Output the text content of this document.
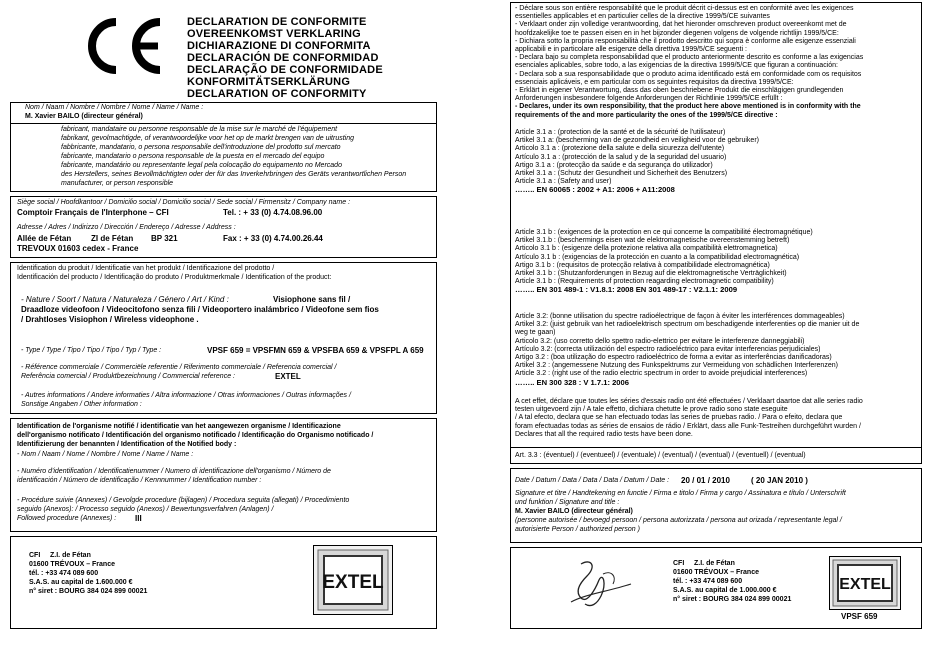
DECLARATION DE CONFORMITE
OVEREENKOMST VERKLARING
DICHIARAZIONE DI CONFORMITA
DECLARACIÓN DE CONFORMIDAD
DECLARAÇÃO DE CONFORMIDADE
KONFORMITÄTSERKLÄRUNG
DECLARATION OF CONFORMITY
Nom / Naam / Nombre / Nombre / Nome / Name / Name :
M. Xavier BAILO (directeur général)
fabricant, mandataire ou personne responsable de la mise sur le marché de l'équipement
fabrikant, gevolmachtigde, of verantwoordelijke voor het op de markt brengen van de uitrusting
fabbricante, mandatario, o persona responsabile dell'introduzione del prodotto sul mercato
fabricante, mandatario o persona responsable de la puesta en el mercado del equipo
fabricante, mandatário ou representante legal pela colocação do equipamento no Mercado
des Herstellers, seines Bevollmächtigten oder der für das Inverkehrbringen des Geräts verantwortlichen Person
manufacturer, or person responsible
Siège social / Hoofdkantoor / Domicilio social / Domicilio social / Sede social / Firmensitz / Company name :
Comptoir Français de l'Interphone – CFI	Tel. : + 33 (0) 4.74.08.96.00
Adresse / Adres / Indirizzo / Dirección / Endereço / Adresse / Address :
Allée de Fétan ZI de Fétan BP 321	Fax : + 33 (0) 4.74.00.26.44
TREVOUX 01603 cedex - France
Identification du produit / Identificatie van het produkt / Identificazione del prodotto /
Identificación del producto / Identificação do produto / Produktmerkmale / Identification of the product:
- Nature / Soort / Natura / Naturaleza / Género / Art / Kind :	Visiophone sans fil /
Draadloze videofoon / Videocitofono senza fili / Videoportero inalámbrico / Videofone sem fios
/ Drahtloses Visiophon / Wireless videophone .
- Type / Type / Tipo / Tipo / Tipo / Typ / Type :	VPSF 659 = VPSFMN 659 & VPSFBA 659 & VPSFPL A 659
- Référence commerciale / Commerciële referentie / Riferimento commerciale / Referencia comercial /
Referência comercial / Produktbezeichnung / Commercial reference :	EXTEL
- Autres informations / Andere informaties / Altra informazione / Otras informaciones / Outras informações /
Sonstige Angaben / Other information :
Identification de l'organisme notifié / identificatie van het aangewezen organisme / Identificazione
dell'organismo notificato / Identificación del organismo notificado / Identificação do Organismo notificado /
Identifizierung der benannten / Identification of the Notified body :
- Nom / Naam / Nome / Nombre / Nome / Name / Name :
- Numéro d'identification / Identificatienummer / Numero di identificazione dell'organismo / Número de
identificación / Número de identificação / Kennnummer / Identification number :
- Procédure suivie (Annexes) / Gevolgde procedure (bijlagen) / Procedura seguita (allegati) / Procedimiento
seguido (Anexos): / Processo seguido (Anexos) / Bewertungsverfahren (Anlagen) /
Followed procedure (Annexes) : III
CFI Z.I. de Fétan
01600 TRÉVOUX – France
tél. : +33 474 089 600
S.A.S. au capital de 1.600.000 €
n° siret : BOURG 384 024 899 00021	EXTEL
- Déclare sous son entière responsabilité que le produit décrit ci-dessus est en conformité avec les exigences
essentielles applicables et en particulier celles de la directive 1999/5/CE suivantes
- Verklaart onder zijn volledige verantwoording, dat het hieronder omschreven product overeenkomt met de
hoofdzakelijke toe te passen eisen en in het bijzonder diegenen volgens de volgende richtlijn 1999/5/CE:
- Dichiara sotto la propria responsabilità che il prodotto descritto qui sopra è conforme alle esigenze essenziali
applicabili e in particolare alle esigenze della direttiva 1999/5/CE seguenti :
- Declara bajo su completa responsabilidad que el producto anteriormente descrito es conforme a las exigencias
esenciales aplicables, sobre todo, a las exigencias de la directiva 1999/5/CE que figuran a continuación:
- Declara sob a sua responsabilidade que o produto acima identificado está em conformidade com os requisitos
essenciais aplicáveis, e em particular com os seguintes requisitos da directiva 1999/5/CE:
- Erklärt in eigener Verantwortung, dass das oben beschriebene Produkt die einschlägigen grundlegenden
Anforderungen insbesondere folgende Anforderungen der Richtlinie 1999/5/CE erfüllt :
- Declares, under its own responsibility, that the product here above mentioned is in conformity with the
requirements of the and more particularity the ones of the 1999/5/CE directive :
Article 3.1 a : (protection de la santé et de la sécurité de l'utilisateur)
Artikel 3.1 a: (bescherming van de gezondheid en veiligheid voor de gebruiker)
Articolo 3.1 a : (protezione della salute e della sicurezza dell'utente)
Artículo 3.1 a : (protección de la salud y de la seguridad del usuario)
Artigo 3.1 a : (protecção da saúde e da segurança do utilizador)
Artikel 3.1 a : (Schutz der Gesundheit und Sicherheit des Benutzers)
Article 3.1 a : (Safety and user)
…….. EN 60065 : 2002 + A1: 2006 + A11:2008
Article 3.1 b : (exigences de la protection en ce qui concerne la compatibilité électromagnétique)
Artikel 3.1.b : (beschermings eisen wat de elektromagnetische overeenstemming betreft)
Articolo 3.1 b : (esigenze della protezione relativa alla compatibilità elettromagnetica)
Artículo 3.1 b : (exigencias de la protección en cuanto a la compatibilidad electromagnética)
Artigo 3.1 b : (requisitos de protecção relativa à compatibilidade electromagnética)
Artikel 3.1 b : (Shutzanforderungen in Bezug auf die elektromagnetische Verträglichkeit)
Article 3.1 b : (Requirements of protection reagarding electromagnetic compatibility)
…….. EN 301 489-1 : V1.8.1: 2008 EN 301 489-17 : V2.1.1: 2009
Article 3.2: (bonne utilisation du spectre radioélectrique de façon à éviter les interférences dommageables)
Artikel 3.2: (juist gebruik van het radioelektrisch spectrum om beschadigende interferenties op die manier uit de
weg te gaan)
Articolo 3.2: (uso corretto dello spettro radio-elettrico per evitare le interferenze danneggiabili)
Artículo 3.2: (correcta utilización del espectro radioeléctrico para evitar interferencias perjudiciales)
Artigo 3.2 : (boa utilização do espectro radioeléctrico de forma a evitar as interferências danificadoras)
Artikel 3.2 : (angemessene Nutzung des Funkspektrums zur Vermeidung von schädlichen Interferenzen)
Article 3.2 : (right use of the radio electric spectrum in order to avoide prejudicial interferences)
…….. EN 300 328 : V 1.7.1: 2006
A cet effet, déclare que toutes les séries d'essais radio ont été effectuées / Verklaart daartoe dat alle series radio
testen uitgevoerd zijn / A tale effetto, dichiara chetutte le prove radio sono state eseguite
/ A tal efecto, declara que se han efectuado todas las series de pruebas radio. / Para o efeito, declara que
foram efectuadas todas as séries de ensaios de rádio / Erklärt, dass alle Funk-Testreihen durchgeführt wurden /
Declares that all the required radio tests have been done.
Art. 3.3 : (éventuel) / (eventueel) / (eventuale) / (eventual) / (eventual) / (eventuell) / (eventual)
Date / Datum / Data / Data / Data / Datum / Date : 20 / 01 / 2010	( 20 JAN 2010 )
Signature et titre / Handtekening en functie / Firma e titolo / Firma y cargo / Assinatura e título / Unterschrift
und funktion / Signature and title :
M. Xavier BAILO (directeur général)
(personne autorisée / bevoegd persoon / persona autorizzata / persona aut orizada / representante legal /
autorisierte Person / authorized person )
CFI Z.I. de Fétan
01600 TRÉVOUX – France
tél. : +33 474 089 600
S.A.S. au capital de 1.000.000 €
n° siret : BOURG 384 024 899 00021
EXTEL
VPSF 659
